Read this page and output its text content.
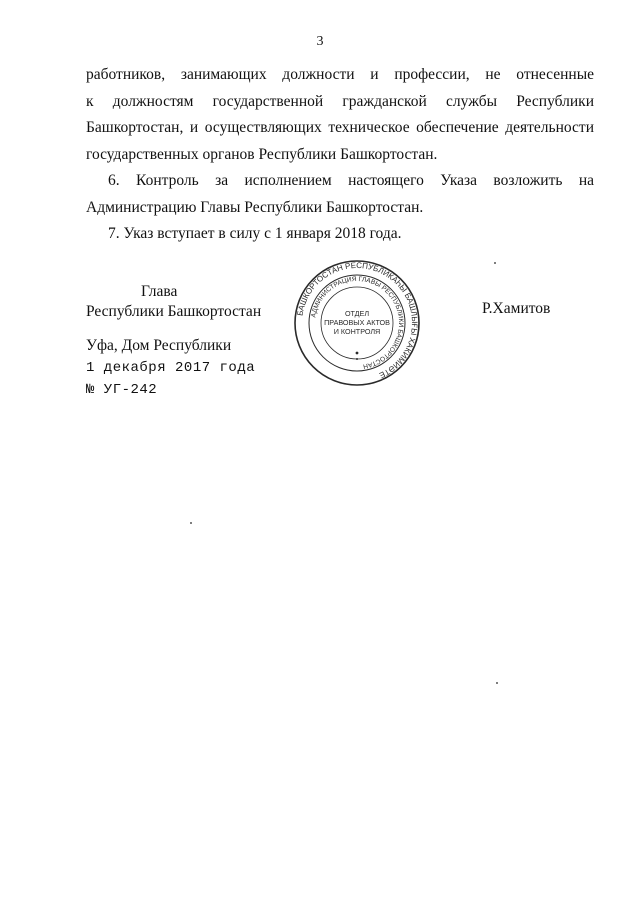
3

работников, занимающих должности и профессии, не отнесенные

к должностям государственной гражданской службы Республики

Башкортостан, и осуществляющих техническое обеспечение деятельности

государственных органов Республики Башкортостан.

6. Контроль за исполнением настоящего Указа возложить на

Администрацию Главы Республики Башкортостан.

7. Указ вступает в силу с 1 января 2018 года.

Глава
Республики Башкортостан	Р.Хамитов
Уфа, Дом Республики
1 декабря 2017 года
№ УГ-242
БАШКОРТОСТАН РЕСПУБЛИКАҺЫ БАШЛЫҒЫ ХАКИМИӘТЕ
АДМИНИСТРАЦИЯ ГЛАВЫ РЕСПУБЛИКИ БАШКОРТОСТАН
ОТДЕЛ
ПРАВОВЫХ АКТОВ
И КОНТРОЛЯ
